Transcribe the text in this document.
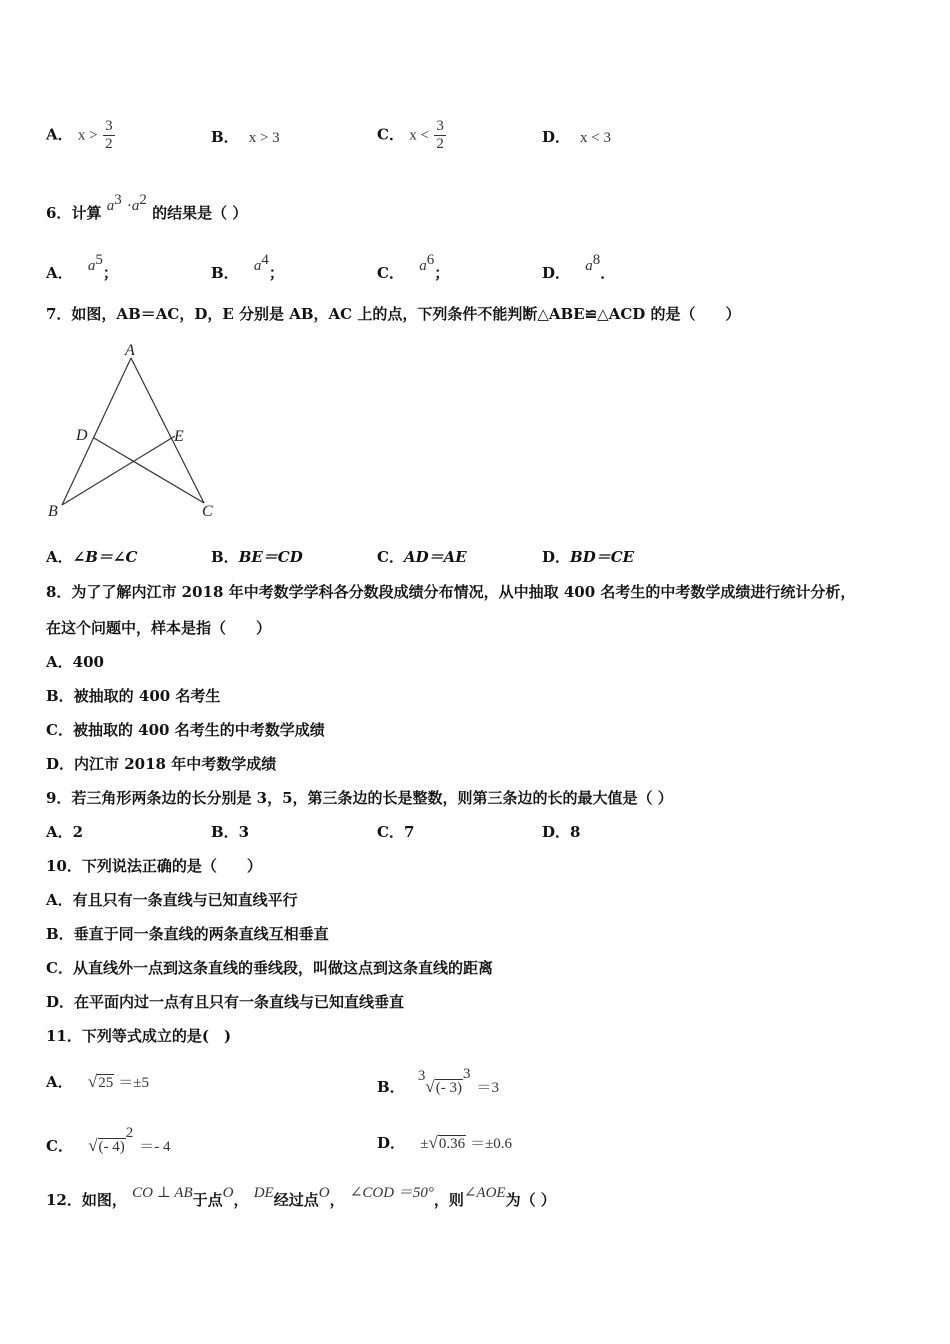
A． $x > \frac{3}{2}$	B． x > 3	C． $x < \frac{3}{2}$	D． x < 3
6．计算 $a^3 \cdot a^2$ 的结果是（ ）
A． $a^5$；	B． $a^4$；	C． $a^6$；	D． $a^8$．
7．如图，AB＝AC，D，E 分别是 AB，AC 上的点，下列条件不能判断△ABE≌△ACD 的是（　　）
A
B	C
D	E
A．∠B＝∠C	B．BE＝CD	C．AD＝AE	D．BD＝CE
8．为了了解内江市 2018 年中考数学学科各分数段成绩分布情况，从中抽取 400 名考生的中考数学成绩进行统计分析，
在这个问题中，样本是指（　　）
A．400
B．被抽取的 400 名考生
C．被抽取的 400 名考生的中考数学成绩
D．内江市 2018 年中考数学成绩
9．若三角形两条边的长分别是 3，5，第三条边的长是整数，则第三条边的长的最大值是（ ）
A．2	B．3	C．7	D．8
10．下列说法正确的是（　　）
A．有且只有一条直线与已知直线平行
B．垂直于同一条直线的两条直线互相垂直
C．从直线外一点到这条直线的垂线段，叫做这点到这条直线的距离
D．在平面内过一点有且只有一条直线与已知直线垂直
11．下列等式成立的是(　)
A． √25 ＝±5	B． $^3$√(- 3)$^3$＝3
C． √(- 4)$^2$＝- 4	D． ±√0.36 ＝±0.6
12．如图， CO ⊥ AB于点O， DE经过点O， ∠COD ＝50°，则∠AOE为（ ）
